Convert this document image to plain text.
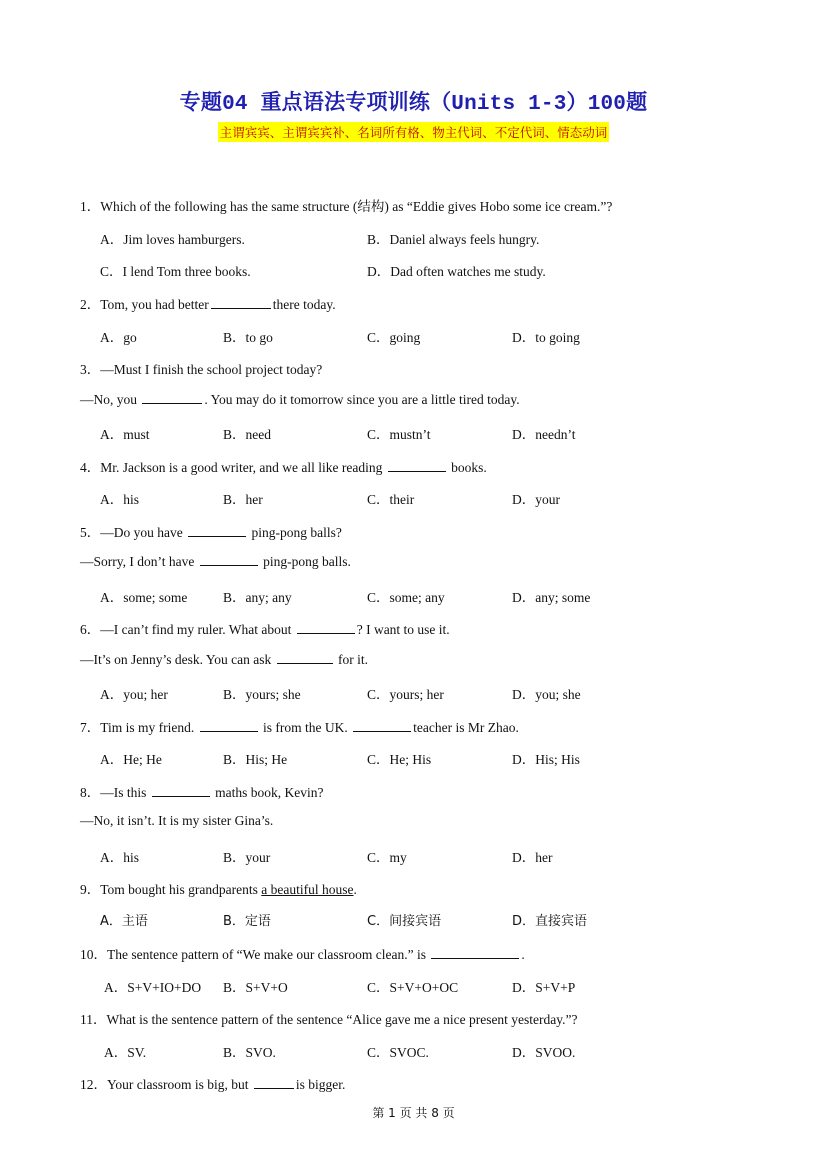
专题04 重点语法专项训练（Units 1-3）100题
主谓宾宾、主谓宾宾补、名词所有格、物主代词、不定代词、情态动词
1．Which of the following has the same structure (结构) as “Eddie gives Hobo some ice cream.”?
A．Jim loves hamburgers.	B．Daniel always feels hungry.
C．I lend Tom three books.	D．Dad often watches me study.
2．Tom, you had better	there today.
A．go	B．to go	C．going	D．to going
3．—Must I finish the school project today?
—No, you	. You may do it tomorrow since you are a little tired today.
A．must	B．need	C．mustn’t	D．needn’t
4．Mr. Jackson is a good writer, and we all like reading	books.
A．his	B．her	C．their	D．your
5．—Do you have	ping-pong balls?
—Sorry, I don’t have	ping-pong balls.
A．some; some	B．any; any	C．some; any	D．any; some
6．—I can’t find my ruler. What about	? I want to use it.
—It’s on Jenny’s desk. You can ask	for it.
A．you; her	B．yours; she	C．yours; her	D．you; she
7．Tim is my friend.	is from the UK.	teacher is Mr Zhao.
A．He; He	B．His; He	C．He; His	D．His; His
8．—Is this	maths book, Kevin?
—No, it isn’t. It is my sister Gina’s.
A．his	B．your	C．my	D．her
9．Tom bought his grandparents a beautiful house.
A．主语	B．定语	C．间接宾语	D．直接宾语
10．The sentence pattern of “We make our classroom clean.” is	.
A．S+V+IO+DO B．S+V+O	C．S+V+O+OC	D．S+V+P
11．What is the sentence pattern of the sentence “Alice gave me a nice present yesterday.”?
A．SV.	B．SVO.	C．SVOC.	D．SVOO.
12．Your classroom is big, but	is bigger.
第 1 页 共 8 页
